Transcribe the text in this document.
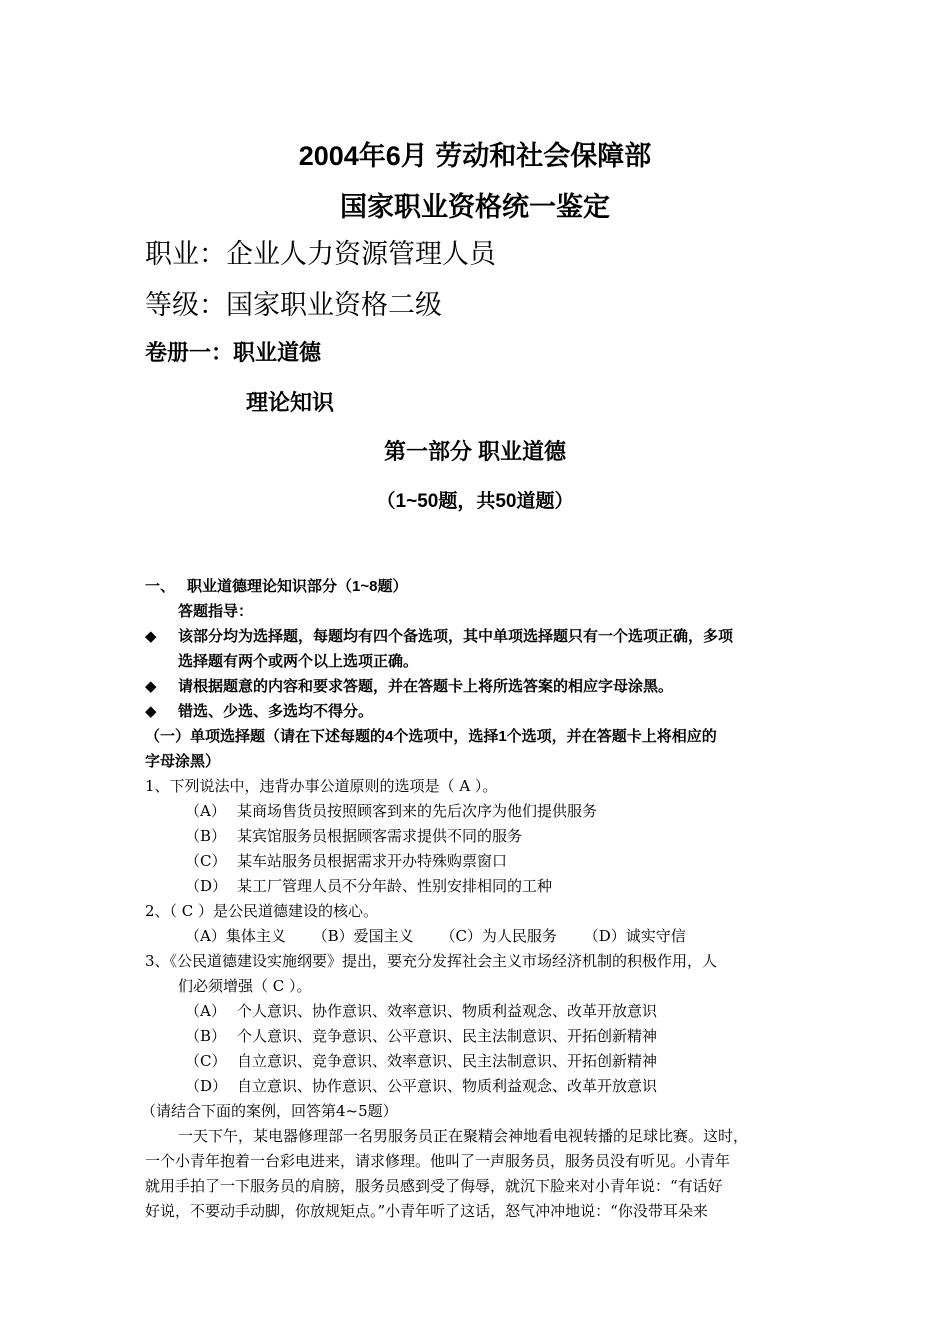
2004年6月 劳动和社会保障部
国家职业资格统一鉴定
职业：企业人力资源管理人员
等级：国家职业资格二级
卷册一：职业道德
理论知识
第一部分 职业道德
（1~50题，共50道题）
一、 职业道德理论知识部分（1~8题）
答题指导：
◆ 该部分均为选择题，每题均有四个备选项，其中单项选择题只有一个选项正确，多项
选择题有两个或两个以上选项正确。
◆ 请根据题意的内容和要求答题，并在答题卡上将所选答案的相应字母涂黑。
◆ 错选、少选、多选均不得分。
（一）单项选择题（请在下述每题的4个选项中，选择1个选项，并在答题卡上将相应的
字母涂黑）
1、下列说法中，违背办事公道原则的选项是（ A ）。
（A） 某商场售货员按照顾客到来的先后次序为他们提供服务
（B） 某宾馆服务员根据顾客需求提供不同的服务
（C） 某车站服务员根据需求开办特殊购票窗口
（D） 某工厂管理人员不分年龄、性别安排相同的工种
2、（ C ）是公民道德建设的核心。
（A）集体主义 （B）爱国主义 （C）为人民服务 （D）诚实守信
3、《公民道德建设实施纲要》提出，要充分发挥社会主义市场经济机制的积极作用，人
们必须增强（ C ）。
（A） 个人意识、协作意识、效率意识、物质利益观念、改革开放意识
（B） 个人意识、竞争意识、公平意识、民主法制意识、开拓创新精神
（C） 自立意识、竞争意识、效率意识、民主法制意识、开拓创新精神
（D） 自立意识、协作意识、公平意识、物质利益观念、改革开放意识
（请结合下面的案例，回答第4~5题）
一天下午，某电器修理部一名男服务员正在聚精会神地看电视转播的足球比赛。这时，
一个小青年抱着一台彩电进来，请求修理。他叫了一声服务员，服务员没有听见。小青年
就用手拍了一下服务员的肩膀，服务员感到受了侮辱，就沉下脸来对小青年说：“有话好
好说，不要动手动脚，你放规矩点。”小青年听了这话，怒气冲冲地说：“你没带耳朵来
